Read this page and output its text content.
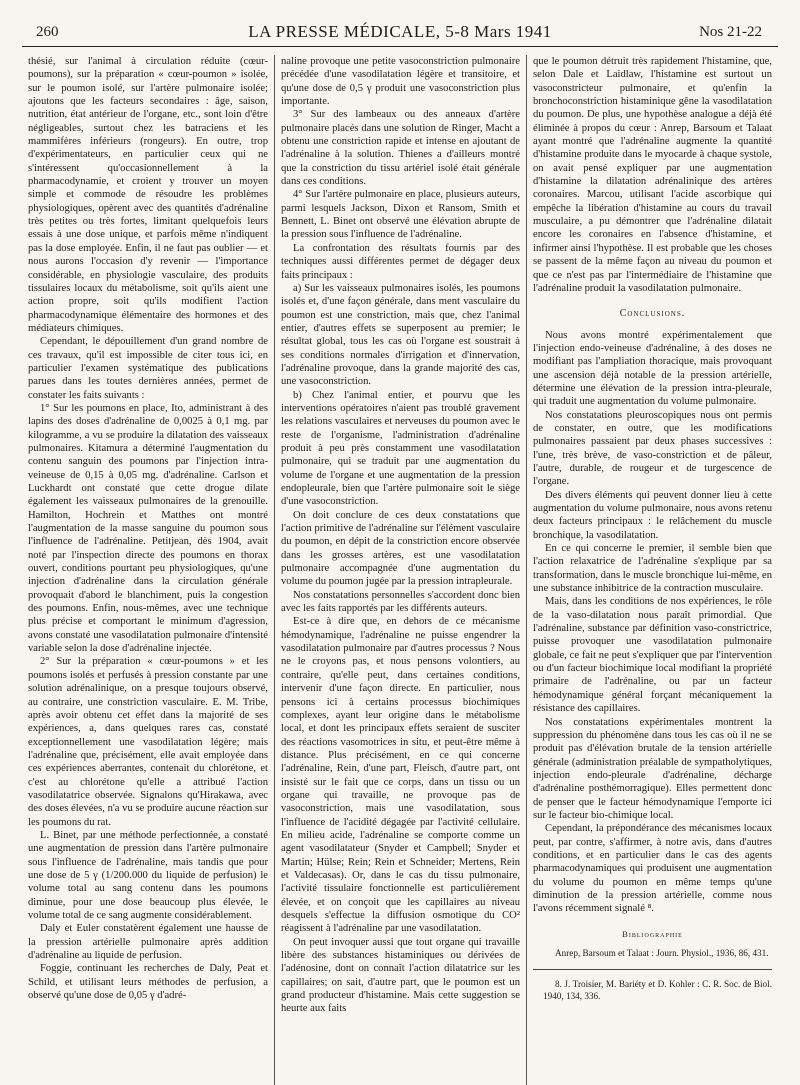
260	LA PRESSE MÉDICALE, 5-8 Mars 1941	Nos 21-22

thésié, sur l'animal à circulation réduite (cœur-poumons), sur la préparation « cœur-poumon » isolée, sur le poumon isolé, sur l'artère pulmonaire isolée; ajoutons que les facteurs secondaires : âge, saison, nutrition, état antérieur de l'organe, etc., sont loin d'être négligeables, surtout chez les batraciens et les mammifères inférieurs (rongeurs). En outre, trop d'expérimentateurs, en particulier ceux qui ne s'intéressent qu'occasionnellement à la pharmacodynamie, et croient y trouver un moyen simple et commode de résoudre les problèmes physiologiques, opèrent avec des quantités d'adrénaline très petites ou très fortes, limitant quelquefois leurs essais à une dose unique, et parfois même n'indiquent pas la dose employée. Enfin, il ne faut pas oublier — et nous aurons l'occasion d'y revenir — l'importance considérable, en physiologie vasculaire, des produits tissulaires locaux du métabolisme, soit qu'ils aient une action propre, soit qu'ils modifient l'action pharmacodynamique élémentaire des hormones et des médiateurs chimiques.

Cependant, le dépouillement d'un grand nombre de ces travaux, qu'il est impossible de citer tous ici, en particulier l'examen systématique des publications parues dans les toutes dernières années, permet de constater les faits suivants :

1° Sur les poumons en place, Ito, administrant à des lapins des doses d'adrénaline de 0,0025 à 0,1 mg. par kilogramme, a vu se produire la dilatation des vaisseaux pulmonaires. Kitamura a déterminé l'augmentation du contenu sanguin des poumons par l'injection intra-veineuse de 0,15 à 0,05 mg. d'adrénaline. Carlson et Luckhardt ont constaté que cette drogue dilate également les vaisseaux pulmonaires de la grenouille. Hamilton, Hochrein et Matthes ont montré l'augmentation de la masse sanguine du poumon sous l'influence de l'adrénaline. Petitjean, dès 1904, avait noté par l'inspection directe des poumons en thorax ouvert, conditions pourtant peu physiologiques, qu'une injection d'adrénaline dans la circulation générale provoquait d'abord le blanchiment, puis la congestion des poumons. Enfin, nous-mêmes, avec une technique plus précise et comportant le minimum d'agression, avons constaté une vasodilatation pulmonaire d'intensité variable selon la dose d'adrénaline injectée.

2° Sur la préparation « cœur-poumons » et les poumons isolés et perfusés à pression constante par une solution adrénalinique, on a presque toujours observé, au contraire, une constriction vasculaire. E. M. Tribe, après avoir obtenu cet effet dans la majorité de ses expériences, a, dans quelques rares cas, constaté exceptionnellement une vasodilatation légère; mais l'adrénaline que, précisément, elle avait employée dans ces expériences aberrantes, contenait du chlorétone, et c'est au chlorétone qu'elle a attribué l'action vasodilatatrice observée. Signalons qu'Hirakawa, avec des doses élevées, n'a vu se produire aucune réaction sur les poumons du rat.

L. Binet, par une méthode perfectionnée, a constaté une augmentation de pression dans l'artère pulmonaire sous l'influence de l'adrénaline, mais tandis que pour une dose de 5 γ (1/200.000 du liquide de perfusion) le volume total au sang contenu dans les poumons diminue, pour une dose beaucoup plus élevée, le volume total de ce sang augmente considérablement.

Daly et Euler constatèrent également une hausse de la pression artérielle pulmonaire après addition d'adrénaline au liquide de perfusion.

Foggie, continuant les recherches de Daly, Peat et Schild, et utilisant leurs méthodes de perfusion, a observé qu'une dose de 0,05 γ d'adré-

naline provoque une petite vasoconstriction pulmonaire précédée d'une vasodilatation légère et transitoire, et qu'une dose de 0,5 γ produit une vasoconstriction plus importante.

3° Sur des lambeaux ou des anneaux d'artère pulmonaire placés dans une solution de Ringer, Macht a obtenu une constriction rapide et intense en ajoutant de l'adrénaline à la solution. Thienes a d'ailleurs montré que la constriction du tissu artériel isolé était générale dans ces conditions.

4° Sur l'artère pulmonaire en place, plusieurs auteurs, parmi lesquels Jackson, Dixon et Ransom, Smith et Bennett, L. Binet ont observé une élévation abrupte de la pression sous l'influence de l'adrénaline.

La confrontation des résultats fournis par des techniques aussi différentes permet de dégager deux faits principaux :

a) Sur les vaisseaux pulmonaires isolés, les poumons isolés et, d'une façon générale, dans ment vasculaire du poumon est une constriction, mais que, chez l'animal entier, d'autres effets se superposent au premier; le résultat global, tous les cas où l'organe est soustrait à ses conditions normales d'irrigation et d'innervation, l'adrénaline provoque, dans la grande majorité des cas, une vasoconstriction.

b) Chez l'animal entier, et pourvu que les interventions opératoires n'aient pas troublé gravement les relations vasculaires et nerveuses du poumon avec le reste de l'organisme, l'administration d'adrénaline produit à peu près constamment une vasodilatation pulmonaire, qui se traduit par une augmentation du volume de l'organe et une augmentation de la pression endopleurale, bien que l'artère pulmonaire soit le siège d'une vasoconstriction.

On doit conclure de ces deux constatations que l'action primitive de l'adrénaline sur l'élément vasculaire du poumon, en dépit de la constriction encore observée dans les grosses artères, est une vasodilatation pulmonaire accompagnée d'une augmentation du volume du poumon jugée par la pression intrapleurale.

Nos constatations personnelles s'accordent donc bien avec les faits rapportés par les différents auteurs.

Est-ce à dire que, en dehors de ce mécanisme hémodynamique, l'adrénaline ne puisse engendrer la vasodilatation pulmonaire par d'autres processus ? Nous ne le croyons pas, et nous pensons volontiers, au contraire, qu'elle peut, dans certaines conditions, intervenir d'une façon directe. En particulier, nous pensons ici à certains processus biochimiques complexes, ayant leur origine dans le métabolisme local, et dont les principaux effets seraient de susciter des réactions vasomotrices in situ, et peut-être même à distance. Plus précisément, en ce qui concerne l'adrénaline, Rein, d'une part, Fleisch, d'autre part, ont insisté sur le fait que ce corps, dans un tissu ou un organe qui travaille, ne provoque pas de vasoconstriction, mais une vasodilatation, sous l'influence de l'acidité dégagée par l'activité cellulaire. En milieu acide, l'adrénaline se comporte comme un agent vasodilatateur (Snyder et Campbell; Snyder et Martin; Hülse; Rein; Rein et Schneider; Mertens, Rein et Valdecasas). Or, dans le cas du tissu pulmonaire, l'activité tissulaire fonctionnelle est particulièrement élevée, et on conçoit que les capillaires au niveau desquels s'effectue la diffusion osmotique du CO² réagissent à l'adrénaline par une vasodilatation.

On peut invoquer aussi que tout organe qui travaille libère des substances histaminiques ou dérivées de l'adénosine, dont on connaît l'action dilatatrice sur les capillaires; on sait, d'autre part, que le poumon est un grand producteur d'histamine. Mais cette suggestion se heurte aux faits

que le poumon détruit très rapidement l'histamine, que, selon Dale et Laidlaw, l'histamine est surtout un vasoconstricteur pulmonaire, et qu'enfin la bronchoconstriction histaminique gêne la vasodilatation du poumon. De plus, une hypothèse analogue a déjà été éliminée à propos du cœur : Anrep, Barsoum et Talaat ayant montré que l'adrénaline augmente la quantité d'histamine produite dans le myocarde à chaque systole, on avait pensé expliquer par une augmentation d'histamine la dilatation adrénalinique des artères coronaires. Marcou, utilisant l'acide ascorbique qui empêche la libération d'histamine au cours du travail musculaire, a pu démontrer que l'adrénaline dilatait encore les coronaires en l'absence d'histamine, et infirmer ainsi l'hypothèse. Il est probable que les choses se passent de la même façon au niveau du poumon et que ce n'est pas par l'intermédiaire de l'histamine que l'adrénaline produit la vasodilatation pulmonaire.

Conclusions.

Nous avons montré expérimentalement que l'injection endo-veineuse d'adrénaline, à des doses ne modifiant pas l'ampliation thoracique, mais provoquant une ascension déjà notable de la pression artérielle, détermine une élévation de la pression intra-pleurale, qui traduit une augmentation du volume pulmonaire.

Nos constatations pleuroscopiques nous ont permis de constater, en outre, que les modifications pulmonaires passaient par deux phases successives : l'une, très brève, de vaso-constriction et de pâleur, l'autre, durable, de rougeur et de turgescence de l'organe.

Des divers éléments qui peuvent donner lieu à cette augmentation du volume pulmonaire, nous avons retenu deux facteurs principaux : le relâchement du muscle bronchique, la vasodilatation.

En ce qui concerne le premier, il semble bien que l'action relaxatrice de l'adrénaline s'explique par sa transformation, dans le muscle bronchique lui-même, en une substance inhibitrice de la contraction musculaire.

Mais, dans les conditions de nos expériences, le rôle de la vaso-dilatation nous paraît primordial. Que l'adrénaline, substance par définition vaso-constrictrice, puisse provoquer une vasodilatation pulmonaire globale, ce fait ne peut s'expliquer que par l'intervention ou d'un facteur biochimique local modifiant la propriété primaire de l'adrénaline, ou par un facteur hémodynamique général forçant mécaniquement la résistance des capillaires.

Nos constatations expérimentales montrent la suppression du phénomène dans tous les cas où il ne se produit pas d'élévation brutale de la tension artérielle générale (administration préalable de sympatholytiques, injection endo-pleurale d'adrénaline, décharge d'adrénaline posthémorragique). Elles permettent donc de penser que le facteur hémodynamique l'emporte ici sur le facteur bio-chimique local.

Cependant, la prépondérance des mécanismes locaux peut, par contre, s'affirmer, à notre avis, dans d'autres conditions, et en particulier dans le cas des agents pharmacodynamiques qui produisent une augmentation du volume du poumon en même temps qu'une diminution de la pression artérielle, comme nous l'avons récemment signalé ⁸.

Bibliographie

Anrep, Barsoum et Talaat : Journ. Physiol., 1936, 86, 431.

8. J. Troisier, M. Bariéty et D. Kohler : C. R. Soc. de Biol. 1940, 134, 336.
